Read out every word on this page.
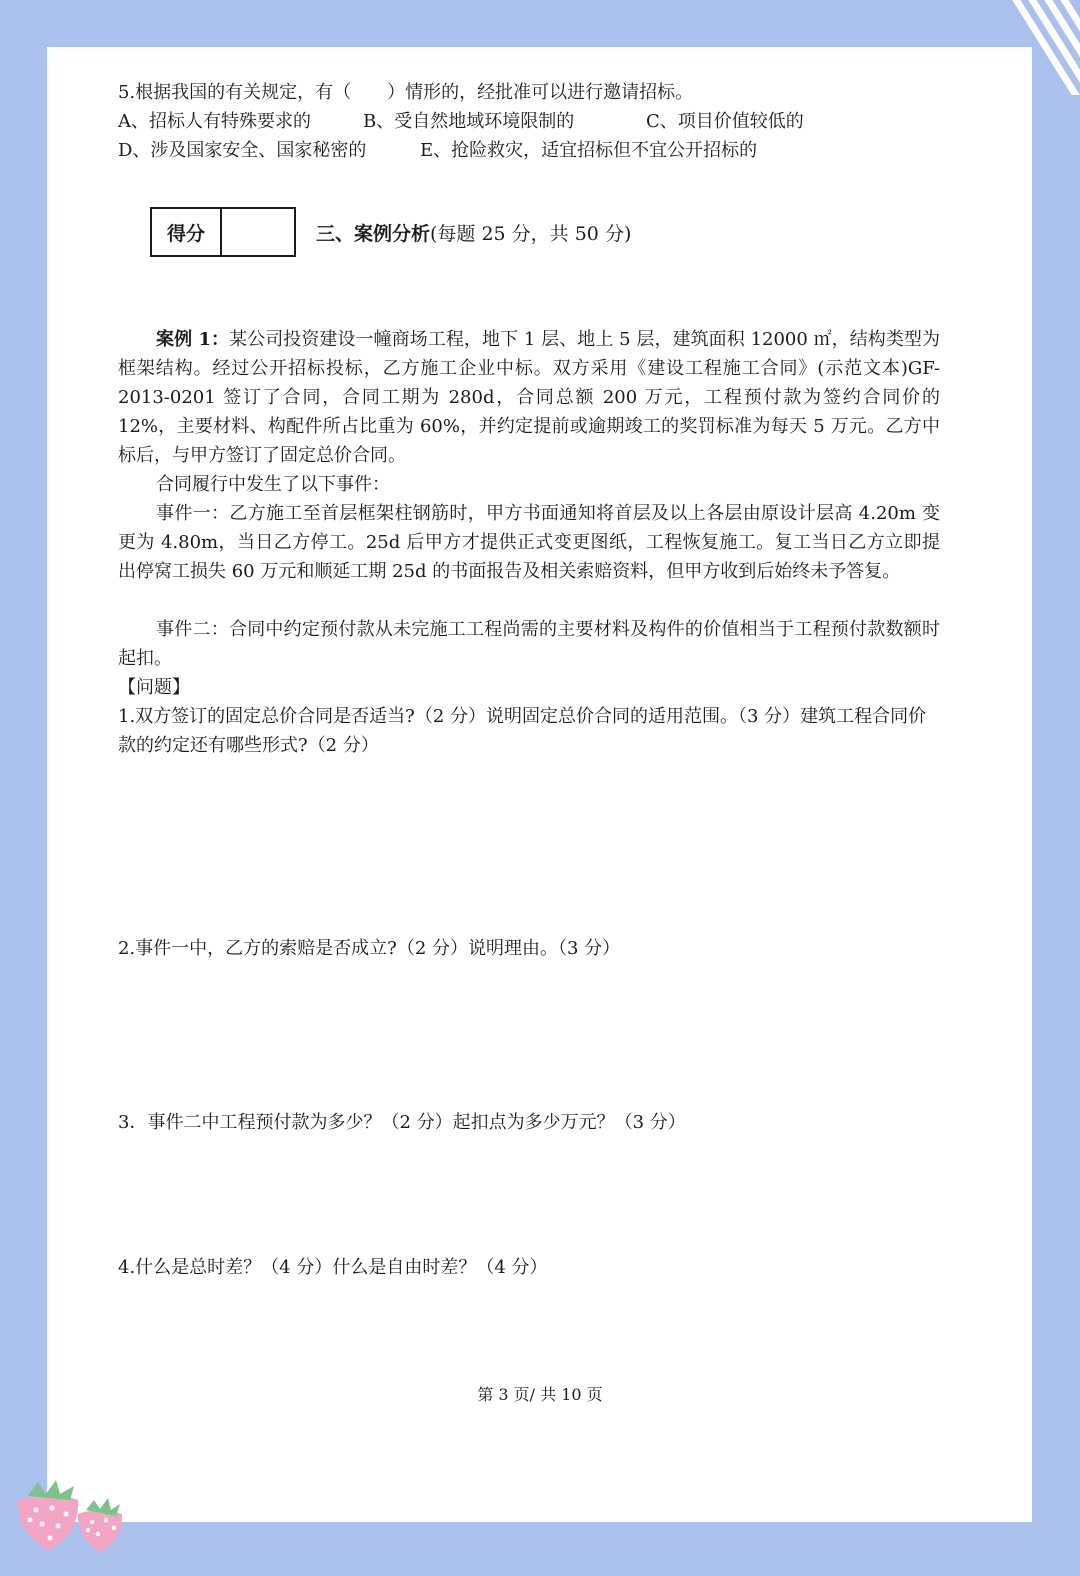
5.根据我国的有关规定，有（　　）情形的，经批准可以进行邀请招标。
A、招标人有特殊要求的	B、受自然地域环境限制的	C、项目价值较低的
D、涉及国家安全、国家秘密的	E、抢险救灾，适宜招标但不宜公开招标的
得分	三、案例分析(每题 25 分，共 50 分)
案例 1：某公司投资建设一幢商场工程，地下 1 层、地上 5 层，建筑面积 12000 ㎡，结构类型为框架结构。经过公开招标投标，乙方施工企业中标。双方采用《建设工程施工合同》(示范文本)GF-2013-0201 签订了合同，合同工期为 280d，合同总额 200 万元，工程预付款为签约合同价的 12%，主要材料、构配件所占比重为 60%，并约定提前或逾期竣工的奖罚标准为每天 5 万元。乙方中标后，与甲方签订了固定总价合同。
合同履行中发生了以下事件：
事件一：乙方施工至首层框架柱钢筋时，甲方书面通知将首层及以上各层由原设计层高 4.20m 变更为 4.80m，当日乙方停工。25d 后甲方才提供正式变更图纸，工程恢复施工。复工当日乙方立即提出停窝工损失 60 万元和顺延工期 25d 的书面报告及相关索赔资料，但甲方收到后始终未予答复。
事件二：合同中约定预付款从未完施工工程尚需的主要材料及构件的价值相当于工程预付款数额时起扣。
【问题】
1.双方签订的固定总价合同是否适当?（2 分）说明固定总价合同的适用范围。（3 分）建筑工程合同价款的约定还有哪些形式?（2 分）
2.事件一中，乙方的索赔是否成立?（2 分）说明理由。（3 分）
3．事件二中工程预付款为多少？（2 分）起扣点为多少万元？（3 分）
4.什么是总时差？（4 分）什么是自由时差？（4 分）
第 3 页/ 共 10 页
